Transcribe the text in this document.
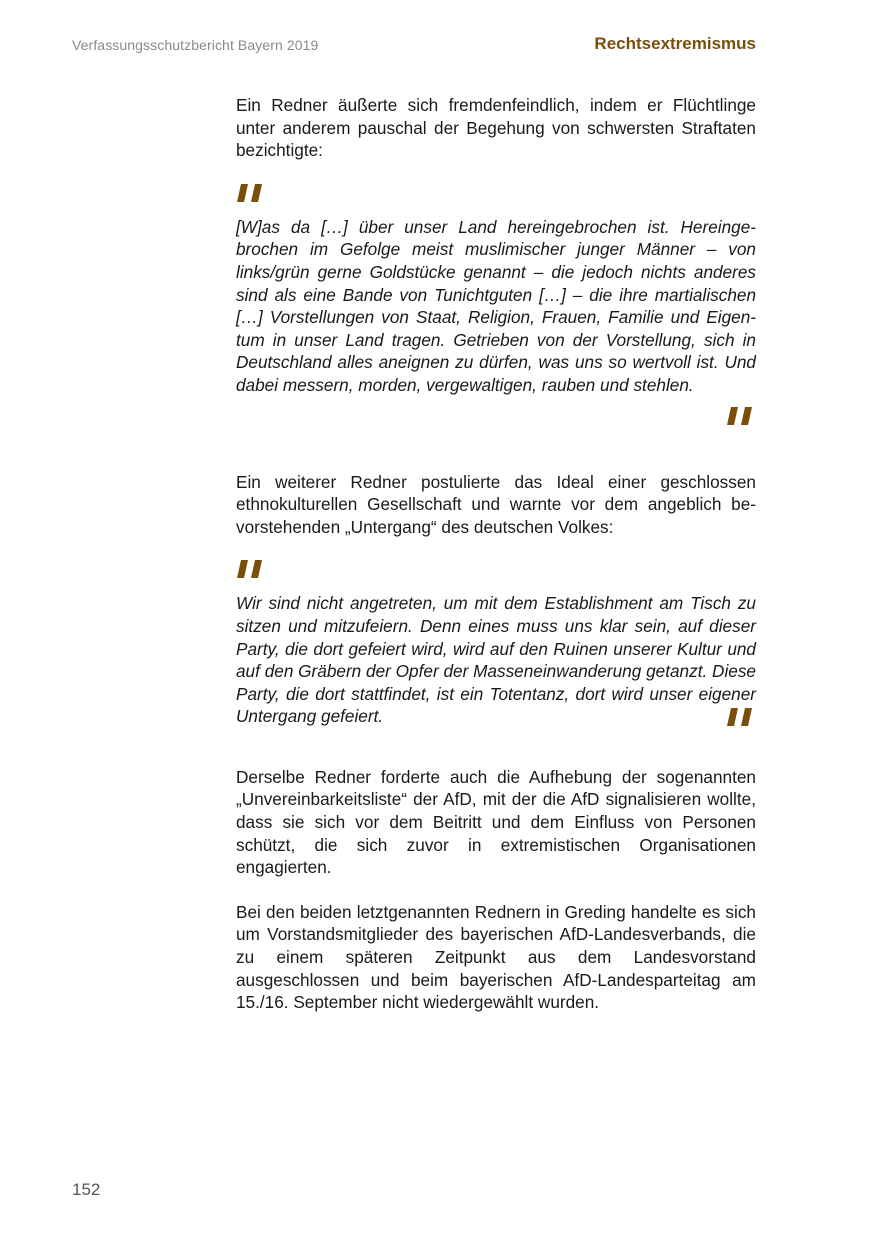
Verfassungsschutzbericht Bayern 2019	Rechtsextremismus

Ein Redner äußerte sich fremdenfeindlich, indem er Flüchtlinge unter anderem pauschal der Begehung von schwersten Straftaten bezichtigte:

[W]as da […] über unser Land hereingebrochen ist. Hereingebrochen im Gefolge meist muslimischer junger Männer – von links/grün gerne Goldstücke genannt – die jedoch nichts anderes sind als eine Bande von Tunichtguten […] – die ihre martialischen […] Vorstellungen von Staat, Religion, Frauen, Familie und Eigentum in unser Land tragen. Getrieben von der Vorstellung, sich in Deutschland alles aneignen zu dürfen, was uns so wertvoll ist. Und dabei messern, morden, vergewaltigen, rauben und stehlen.

Ein weiterer Redner postulierte das Ideal einer geschlossen ethnokulturellen Gesellschaft und warnte vor dem angeblich bevorstehenden „Untergang“ des deutschen Volkes:

Wir sind nicht angetreten, um mit dem Establishment am Tisch zu sitzen und mitzufeiern. Denn eines muss uns klar sein, auf dieser Party, die dort gefeiert wird, wird auf den Ruinen unserer Kultur und auf den Gräbern der Opfer der Masseneinwanderung getanzt. Diese Party, die dort stattfindet, ist ein Totentanz, dort wird unser eigener Untergang gefeiert.

Derselbe Redner forderte auch die Aufhebung der sogenannten „Unvereinbarkeitsliste“ der AfD, mit der die AfD signalisieren wollte, dass sie sich vor dem Beitritt und dem Einfluss von Personen schützt, die sich zuvor in extremistischen Organisationen engagierten.

Bei den beiden letztgenannten Rednern in Greding handelte es sich um Vorstandsmitglieder des bayerischen AfD-Landesverbands, die zu einem späteren Zeitpunkt aus dem Landesvorstand ausgeschlossen und beim bayerischen AfD-Landesparteitag am 15./16. September nicht wiedergewählt wurden.

152
